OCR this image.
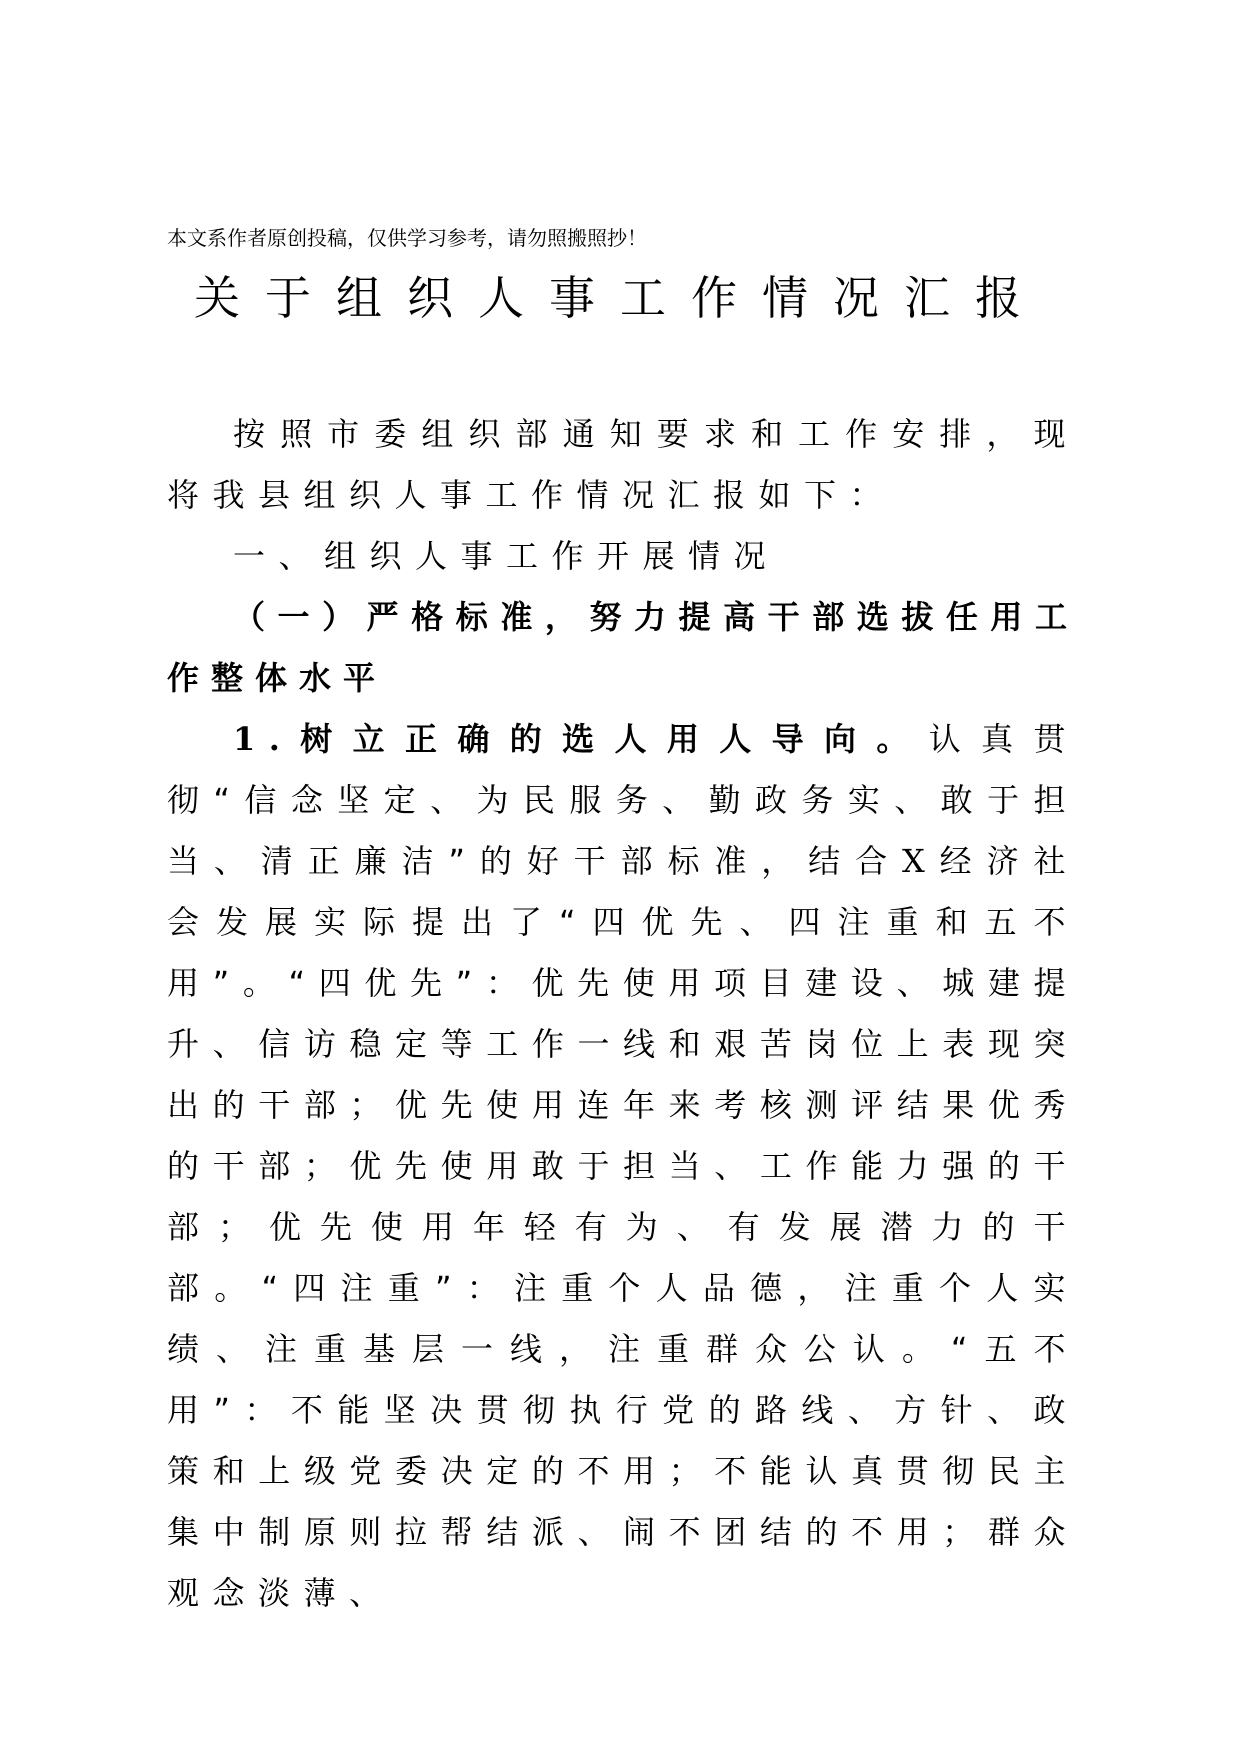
本文系作者原创投稿，仅供学习参考，请勿照搬照抄！
关于组织人事工作情况汇报

按照市委组织部通知要求和工作安排，现将我县组织人事工作情况汇报如下：

一、组织人事工作开展情况

（一）严格标准，努力提高干部选拔任用工作整体水平

1.树立正确的选人用人导向。认真贯彻“信念坚定、为民服务、勤政务实、敢于担当、清正廉洁”的好干部标准，结合X经济社会发展实际提出了“四优先、四注重和五不用”。“四优先”：优先使用项目建设、城建提升、信访稳定等工作一线和艰苦岗位上表现突出的干部；优先使用连年来考核测评结果优秀的干部；优先使用敢于担当、工作能力强的干部；优先使用年轻有为、有发展潜力的干部。“四注重”：注重个人品德，注重个人实绩、注重基层一线，注重群众公认。“五不用”：不能坚决贯彻执行党的路线、方针、政策和上级党委决定的不用；不能认真贯彻民主集中制原则拉帮结派、闹不团结的不用；群众观念淡薄、
